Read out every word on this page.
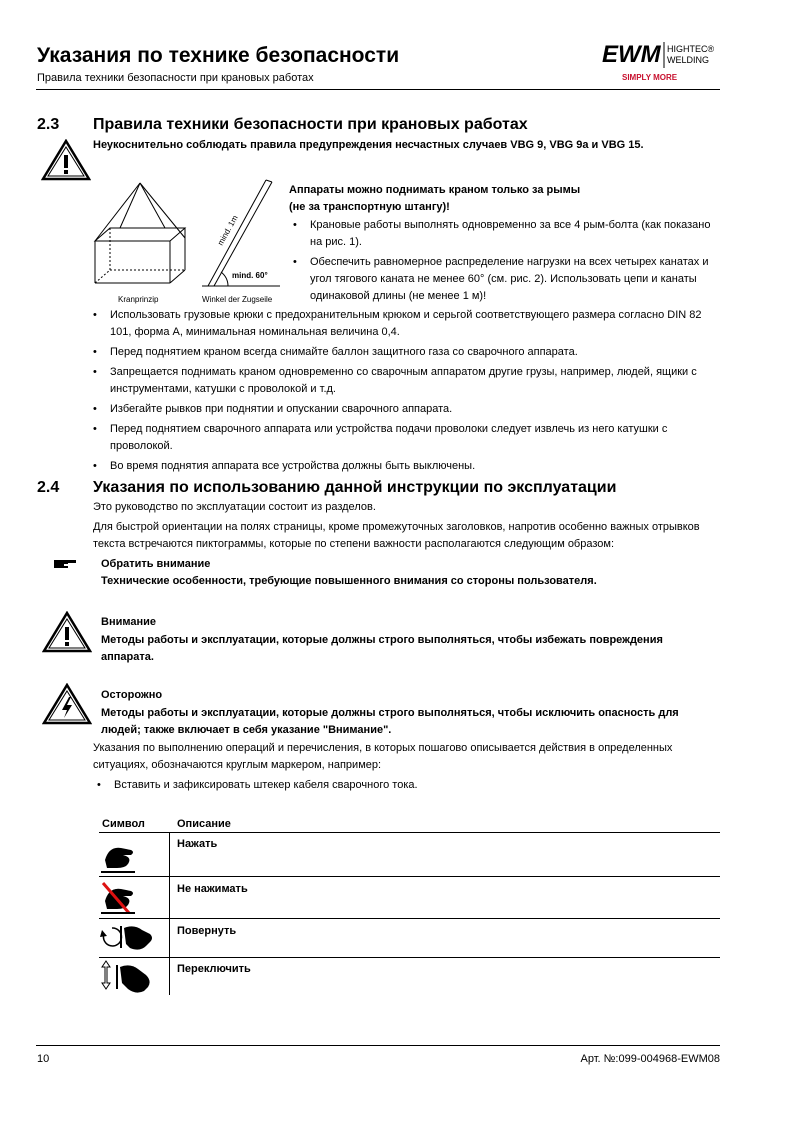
Указания по технике безопасности
Правила техники безопасности при крановых работах
EWM HIGHTEC®
WELDING
SIMPLY MORE
2.3 Правила техники безопасности при крановых работах
Неукоснительно соблюдать правила предупреждения несчастных случаев VBG 9, VBG 9a и VBG 15.
mind. 1m
mind. 60°
Kranprinzip	Winkel der Zugseile
Аппараты можно поднимать краном только за рымы
(не за транспортную штангу)!
• Крановые работы выполнять одновременно за все 4 рым-болта (как показано на рис. 1).
• Обеспечить равномерное распределение нагрузки на всех четырех канатах и угол тягового каната не менее 60° (см. рис. 2). Использовать цепи и канаты одинаковой длины (не менее 1 м)!
• Использовать грузовые крюки с предохранительным крюком и серьгой соответствующего размера согласно DIN 82 101, форма A, минимальная номинальная величина 0,4.
• Перед поднятием краном всегда снимайте баллон защитного газа со сварочного аппарата.
• Запрещается поднимать краном одновременно со сварочным аппаратом другие грузы, например, людей, ящики с инструментами, катушки с проволокой и т.д.
• Избегайте рывков при поднятии и опускании сварочного аппарата.
• Перед поднятием сварочного аппарата или устройства подачи проволоки следует извлечь из него катушки с проволокой.
• Во время поднятия аппарата все устройства должны быть выключены.
2.4 Указания по использованию данной инструкции по эксплуатации
Это руководство по эксплуатации состоит из разделов.
Для быстрой ориентации на полях страницы, кроме промежуточных заголовков, напротив особенно важных отрывков текста встречаются пиктограммы, которые по степени важности располагаются следующим образом:
Обратить внимание
Технические особенности, требующие повышенного внимания со стороны пользователя.
Внимание
Методы работы и эксплуатации, которые должны строго выполняться, чтобы избежать повреждения аппарата.
Осторожно
Методы работы и эксплуатации, которые должны строго выполняться, чтобы исключить опасность для людей; также включает в себя указание "Внимание".
Указания по выполнению операций и перечисления, в которых пошагово описывается действия в определенных ситуациях, обозначаются круглым маркером, например:
• Вставить и зафиксировать штекер кабеля сварочного тока.
Символ	Описание
Нажать
Не нажимать
Повернуть
Переключить
10	Арт. №:099-004968-EWM08
